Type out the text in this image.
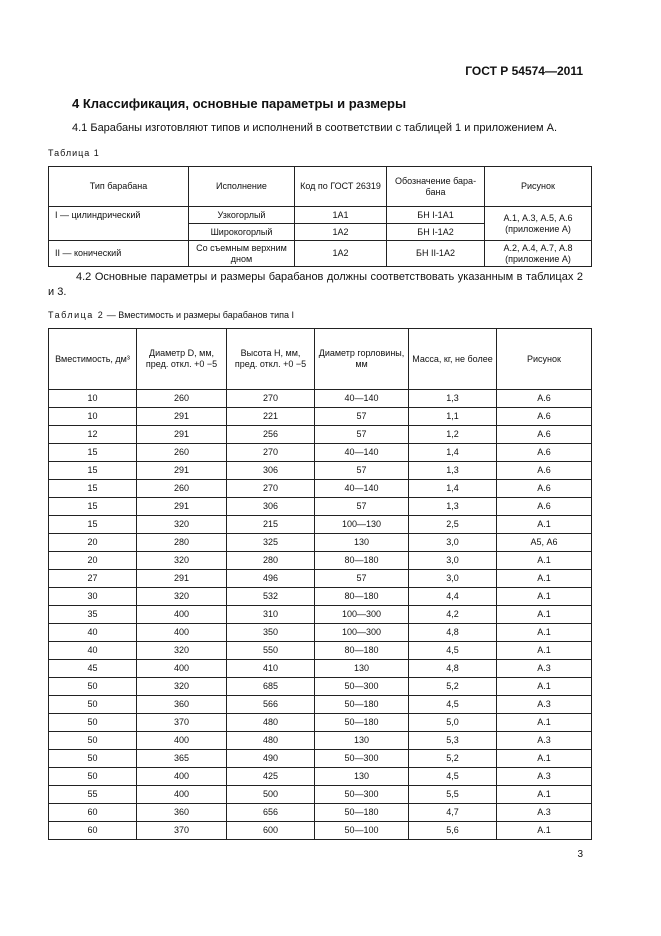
ГОСТ Р 54574—2011
4 Классификация, основные параметры и размеры
4.1 Барабаны изготовляют типов и исполнений в соответствии с таблицей 1 и приложением А.
Таблица 1
Тип барабана	Исполнение	Код по ГОСТ 26319	Обозначение бара-бана	Рисунок
I — цилиндрический	Узкогорлый	1А1	БН I-1А1	А.1, А.3, А.5, А.6 (приложение А)
	Широкогорлый	1А2	БН I-1А2	
II — конический	Со съемным верхним дном	1А2	БН II-1А2	А.2, А.4, А.7, А.8 (приложение А)
4.2 Основные параметры и размеры барабанов должны соответствовать указанным в таблицах 2 и 3.
Таблица 2 — Вместимость и размеры барабанов типа I
Вместимость, дм³	Диаметр D, мм, пред. откл. +0 −5	Высота H, мм, пред. откл. +0 −5	Диаметр горловины, мм	Масса, кг, не более	Рисунок
10	260	270	40—140	1,3	А.6
10	291	221	57	1,1	А.6
12	291	256	57	1,2	А.6
15	260	270	40—140	1,4	А.6
15	291	306	57	1,3	А.6
15	260	270	40—140	1,4	А.6
15	291	306	57	1,3	А.6
15	320	215	100—130	2,5	А.1
20	280	325	130	3,0	А5, А6
20	320	280	80—180	3,0	А.1
27	291	496	57	3,0	А.1
30	320	532	80—180	4,4	А.1
35	400	310	100—300	4,2	А.1
40	400	350	100—300	4,8	А.1
40	320	550	80—180	4,5	А.1
45	400	410	130	4,8	А.3
50	320	685	50—300	5,2	А.1
50	360	566	50—180	4,5	А.3
50	370	480	50—180	5,0	А.1
50	400	480	130	5,3	А.3
50	365	490	50—300	5,2	А.1
50	400	425	130	4,5	А.3
55	400	500	50—300	5,5	А.1
60	360	656	50—180	4,7	А.3
60	370	600	50—100	5,6	А.1
3
